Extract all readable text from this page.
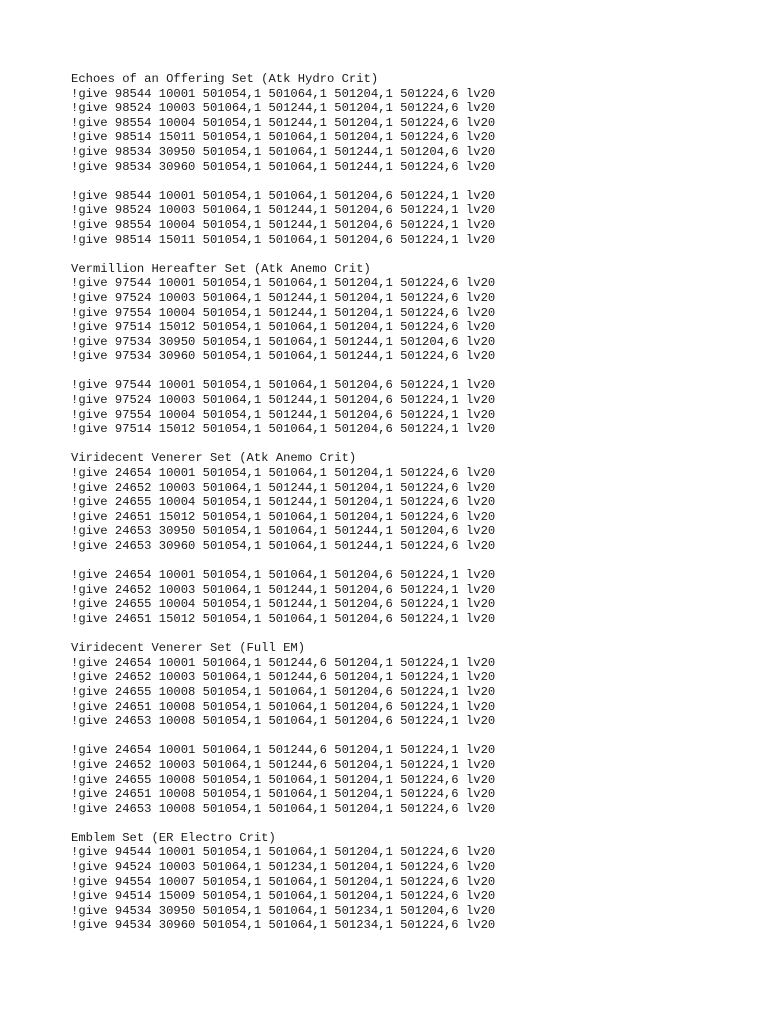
Echoes of an Offering Set (Atk Hydro Crit)
!give 98544 10001 501054,1 501064,1 501204,1 501224,6 lv20
!give 98524 10003 501064,1 501244,1 501204,1 501224,6 lv20
!give 98554 10004 501054,1 501244,1 501204,1 501224,6 lv20
!give 98514 15011 501054,1 501064,1 501204,1 501224,6 lv20
!give 98534 30950 501054,1 501064,1 501244,1 501204,6 lv20
!give 98534 30960 501054,1 501064,1 501244,1 501224,6 lv20
!give 98544 10001 501054,1 501064,1 501204,6 501224,1 lv20
!give 98524 10003 501064,1 501244,1 501204,6 501224,1 lv20
!give 98554 10004 501054,1 501244,1 501204,6 501224,1 lv20
!give 98514 15011 501054,1 501064,1 501204,6 501224,1 lv20
Vermillion Hereafter Set (Atk Anemo Crit)
!give 97544 10001 501054,1 501064,1 501204,1 501224,6 lv20
!give 97524 10003 501064,1 501244,1 501204,1 501224,6 lv20
!give 97554 10004 501054,1 501244,1 501204,1 501224,6 lv20
!give 97514 15012 501054,1 501064,1 501204,1 501224,6 lv20
!give 97534 30950 501054,1 501064,1 501244,1 501204,6 lv20
!give 97534 30960 501054,1 501064,1 501244,1 501224,6 lv20
!give 97544 10001 501054,1 501064,1 501204,6 501224,1 lv20
!give 97524 10003 501064,1 501244,1 501204,6 501224,1 lv20
!give 97554 10004 501054,1 501244,1 501204,6 501224,1 lv20
!give 97514 15012 501054,1 501064,1 501204,6 501224,1 lv20
Viridecent Venerer Set (Atk Anemo Crit)
!give 24654 10001 501054,1 501064,1 501204,1 501224,6 lv20
!give 24652 10003 501064,1 501244,1 501204,1 501224,6 lv20
!give 24655 10004 501054,1 501244,1 501204,1 501224,6 lv20
!give 24651 15012 501054,1 501064,1 501204,1 501224,6 lv20
!give 24653 30950 501054,1 501064,1 501244,1 501204,6 lv20
!give 24653 30960 501054,1 501064,1 501244,1 501224,6 lv20
!give 24654 10001 501054,1 501064,1 501204,6 501224,1 lv20
!give 24652 10003 501064,1 501244,1 501204,6 501224,1 lv20
!give 24655 10004 501054,1 501244,1 501204,6 501224,1 lv20
!give 24651 15012 501054,1 501064,1 501204,6 501224,1 lv20
Viridecent Venerer Set (Full EM)
!give 24654 10001 501064,1 501244,6 501204,1 501224,1 lv20
!give 24652 10003 501064,1 501244,6 501204,1 501224,1 lv20
!give 24655 10008 501054,1 501064,1 501204,6 501224,1 lv20
!give 24651 10008 501054,1 501064,1 501204,6 501224,1 lv20
!give 24653 10008 501054,1 501064,1 501204,6 501224,1 lv20
!give 24654 10001 501064,1 501244,6 501204,1 501224,1 lv20
!give 24652 10003 501064,1 501244,6 501204,1 501224,1 lv20
!give 24655 10008 501054,1 501064,1 501204,1 501224,6 lv20
!give 24651 10008 501054,1 501064,1 501204,1 501224,6 lv20
!give 24653 10008 501054,1 501064,1 501204,1 501224,6 lv20
Emblem Set (ER Electro Crit)
!give 94544 10001 501054,1 501064,1 501204,1 501224,6 lv20
!give 94524 10003 501064,1 501234,1 501204,1 501224,6 lv20
!give 94554 10007 501054,1 501064,1 501204,1 501224,6 lv20
!give 94514 15009 501054,1 501064,1 501204,1 501224,6 lv20
!give 94534 30950 501054,1 501064,1 501234,1 501204,6 lv20
!give 94534 30960 501054,1 501064,1 501234,1 501224,6 lv20
